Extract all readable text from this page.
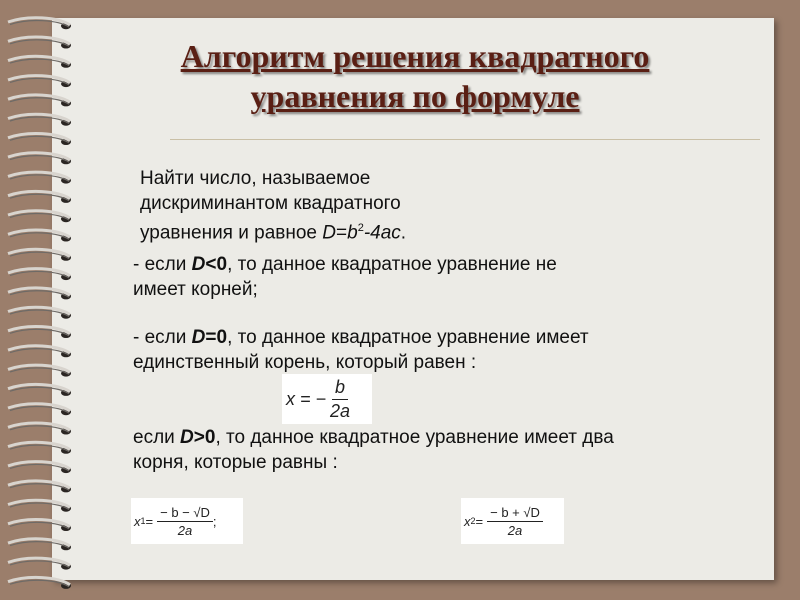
Алгоритм решения квадратного
уравнения по формуле

Найти число, называемое
дискриминантом квадратного
уравнения и равное $D=b^2-4ac$.

- если D<0, то данное квадратное уравнение не
имеет корней;

- если D=0, то данное квадратное уравнение имеет
единственный корень, который равен :

x = − $\frac{b}{2a}$

если D>0, то данное квадратное уравнение имеет два
корня, которые равны :

x $1 = \frac{- b - √D}{2a}$ ;	x $2 = \frac{- b + √D}{2a}$
